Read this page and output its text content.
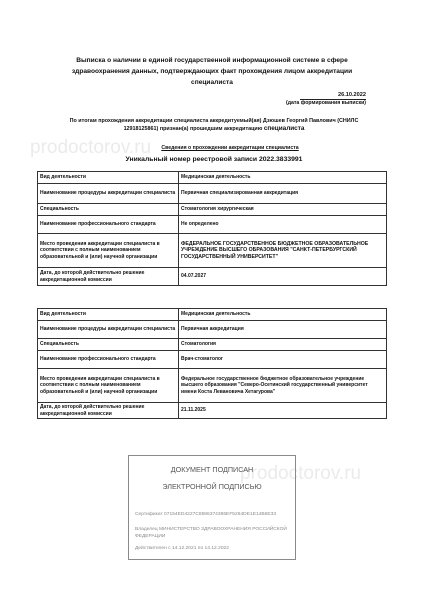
prodoctorov.ru
prodoctorov.ru
Выписка о наличии в единой государственной информационной системе в сфере здравоохранения данных, подтверждающих факт прохождения лицом аккредитации специалиста
26.10.2022
(дата формирования выписки)
По итогам прохождения аккредитации специалиста аккредитуемый(ая) Дзюшев Георгий Павлович (СНИЛС 12918125861) признан(а) прошедшим аккредитацию специалиста
Сведения о прохождении аккредитации специалиста
Уникальный номер реестровой записи 2022.3833991
Вид деятельности	Медицинская деятельность
Наименование процедуры аккредитации специалиста	Первичная специализированная аккредитация
Специальность	Стоматология хирургическая
Наименование профессионального стандарта	Не определено
Место проведения аккредитации специалиста в соответствии с полным наименованием образовательной и (или) научной организации	ФЕДЕРАЛЬНОЕ ГОСУДАРСТВЕННОЕ БЮДЖЕТНОЕ ОБРАЗОВАТЕЛЬНОЕ УЧРЕЖДЕНИЕ ВЫСШЕГО ОБРАЗОВАНИЯ "САНКТ-ПЕТЕРБУРГСКИЙ ГОСУДАРСТВЕННЫЙ УНИВЕРСИТЕТ"
Дата, до которой действительно решение аккредитационной комиссии	04.07.2027
Вид деятельности	Медицинская деятельность
Наименование процедуры аккредитации специалиста	Первичная аккредитация
Специальность	Стоматология
Наименование профессионального стандарта	Врач-стоматолог
Место проведения аккредитации специалиста в соответствии с полным наименованием образовательной и (или) научной организации	Федеральное государственное бюджетное образовательное учреждение высшего образования "Северо-Осетинский государственный университет имени Коста Левановича Хетагурова"
Дата, до которой действительно решение аккредитационной комиссии	21.11.2025
ДОКУМЕНТ ПОДПИСАН
ЭЛЕКТРОННОЙ ПОДПИСЬЮ
Сертификат 07154ED4227C8586374386EF5264DE1E14B6E33
Владелец МИНИСТЕРСТВО ЗДРАВООХРАНЕНИЯ РОССИЙСКОЙ ФЕДЕРАЦИИ
Действителен с 14.12.2021 по 14.12.2022
